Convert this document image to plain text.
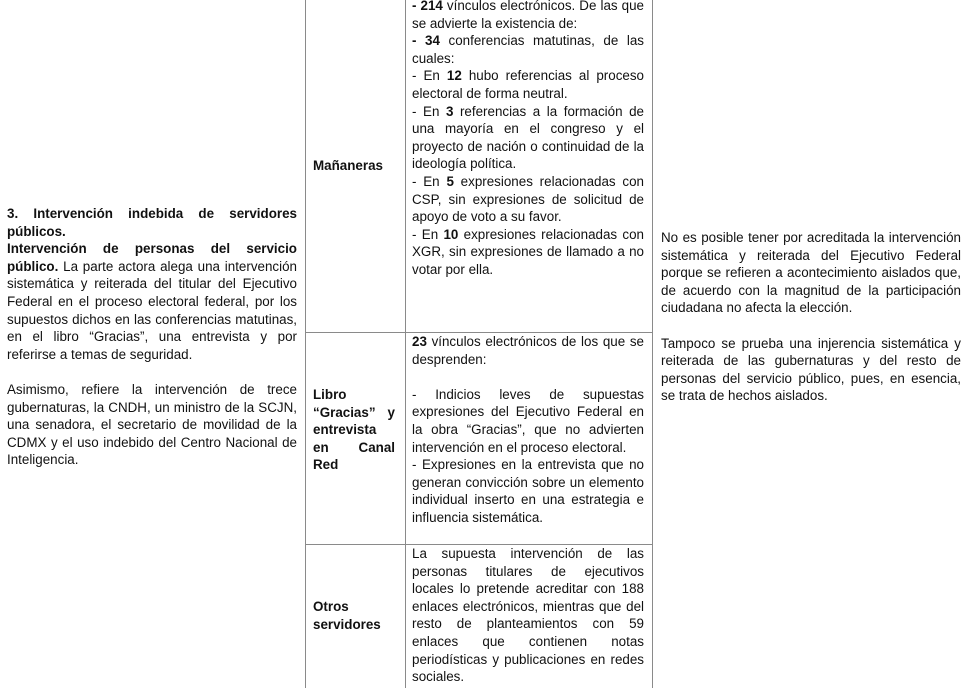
3. Intervención indebida de servidores públicos.

Intervención de personas del servicio público. La parte actora alega una intervención sistemática y reiterada del titular del Ejecutivo Federal en el proceso electoral federal, por los supuestos dichos en las conferencias matutinas, en el libro “Gracias”, una entrevista y por referirse a temas de seguridad.

Asimismo, refiere la intervención de trece gubernaturas, la CNDH, un ministro de la SCJN, una senadora, el secretario de movilidad de la CDMX y el uso indebido del Centro Nacional de Inteligencia.

Mañaneras
Libro “Gracias” y entrevista en Canal Red
Otros servidores

- 214 vínculos electrónicos. De las que se advierte la existencia de:

- 34 conferencias matutinas, de las cuales:

- En 12 hubo referencias al proceso electoral de forma neutral.

- En 3 referencias a la formación de una mayoría en el congreso y el proyecto de nación o continuidad de la ideología política.

- En 5 expresiones relacionadas con CSP, sin expresiones de solicitud de apoyo de voto a su favor.

- En 10 expresiones relacionadas con XGR, sin expresiones de llamado a no votar por ella.

23 vínculos electrónicos de los que se desprenden:

- Indicios leves de supuestas expresiones del Ejecutivo Federal en la obra “Gracias”, que no advierten intervención en el proceso electoral.

- Expresiones en la entrevista que no generan convicción sobre un elemento individual inserto en una estrategia e influencia sistemática.

La supuesta intervención de las personas titulares de ejecutivos locales lo pretende acreditar con 188 enlaces electrónicos, mientras que del resto de planteamientos con 59 enlaces que contienen notas periodísticas y publicaciones en redes sociales.

No es posible tener por acreditada la intervención sistemática y reiterada del Ejecutivo Federal porque se refieren a acontecimiento aislados que, de acuerdo con la magnitud de la participación ciudadana no afecta la elección.

Tampoco se prueba una injerencia sistemática y reiterada de las gubernaturas y del resto de personas del servicio público, pues, en esencia, se trata de hechos aislados.
